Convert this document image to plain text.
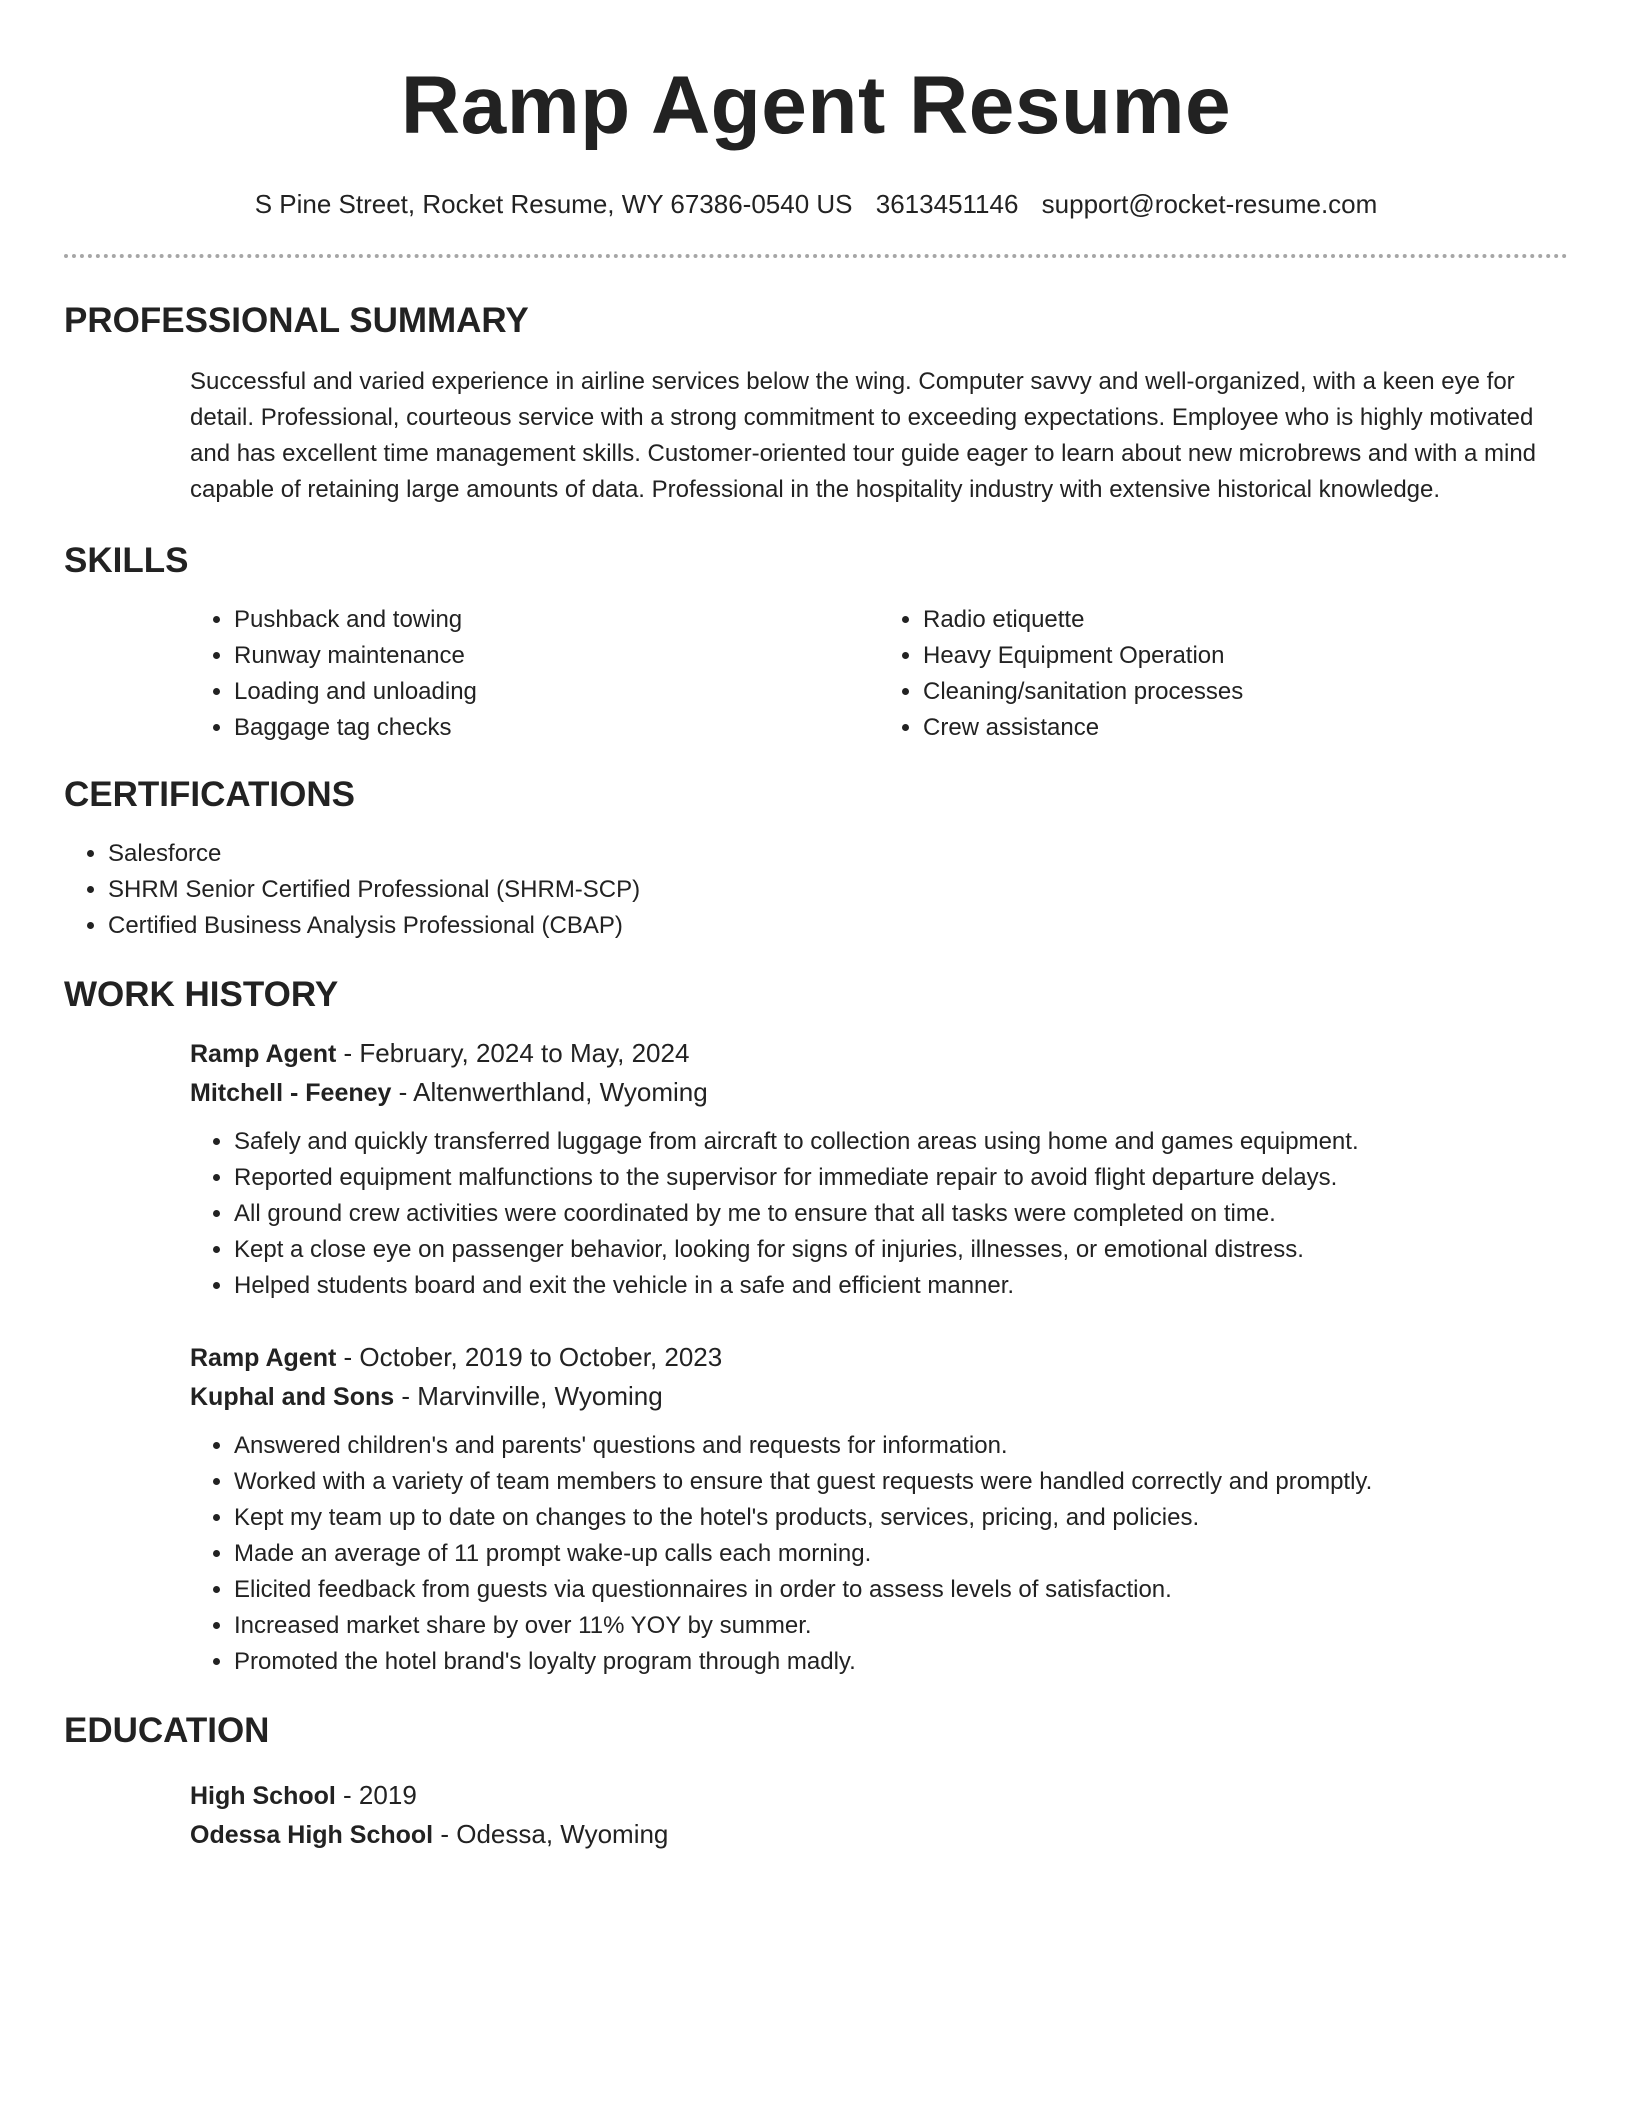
Ramp Agent Resume
S Pine Street, Rocket Resume, WY 67386-0540 US 3613451146 support@rocket-resume.com
PROFESSIONAL SUMMARY

Successful and varied experience in airline services below the wing. Computer savvy and well-organized, with a keen eye for detail. Professional, courteous service with a strong commitment to exceeding expectations. Employee who is highly motivated and has excellent time management skills. Customer-oriented tour guide eager to learn about new microbrews and with a mind capable of retaining large amounts of data. Professional in the hospitality industry with extensive historical knowledge.

SKILLS
• Pushback and towing
• Runway maintenance
• Loading and unloading
• Baggage tag checks
• Radio etiquette
• Heavy Equipment Operation
• Cleaning/sanitation processes
• Crew assistance
CERTIFICATIONS
• Salesforce
• SHRM Senior Certified Professional (SHRM-SCP)
• Certified Business Analysis Professional (CBAP)
WORK HISTORY
Ramp Agent - February, 2024 to May, 2024
Mitchell - Feeney - Altenwerthland, Wyoming
• Safely and quickly transferred luggage from aircraft to collection areas using home and games equipment.
• Reported equipment malfunctions to the supervisor for immediate repair to avoid flight departure delays.
• All ground crew activities were coordinated by me to ensure that all tasks were completed on time.
• Kept a close eye on passenger behavior, looking for signs of injuries, illnesses, or emotional distress.
• Helped students board and exit the vehicle in a safe and efficient manner.
Ramp Agent - October, 2019 to October, 2023
Kuphal and Sons - Marvinville, Wyoming
• Answered children's and parents' questions and requests for information.
• Worked with a variety of team members to ensure that guest requests were handled correctly and promptly.
• Kept my team up to date on changes to the hotel's products, services, pricing, and policies.
• Made an average of 11 prompt wake-up calls each morning.
• Elicited feedback from guests via questionnaires in order to assess levels of satisfaction.
• Increased market share by over 11% YOY by summer.
• Promoted the hotel brand's loyalty program through madly.
EDUCATION
High School - 2019
Odessa High School - Odessa, Wyoming
